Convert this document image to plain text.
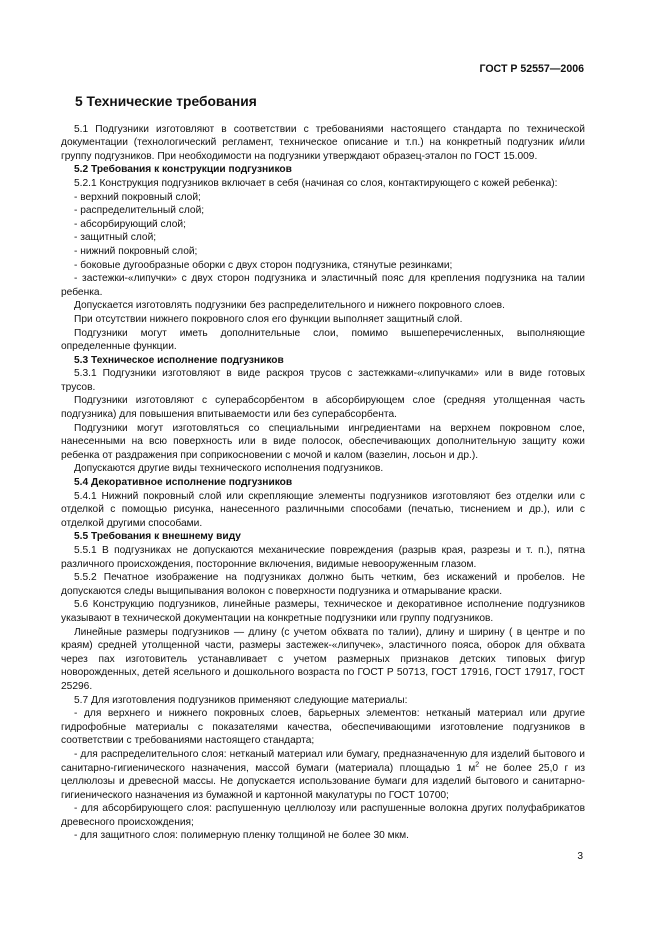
ГОСТ Р 52557—2006
5 Технические требования

5.1 Подгузники изготовляют в соответствии с требованиями настоящего стандарта по технической документации (технологический регламент, техническое описание и т.п.) на конкретный подгузник и/или группу подгузников. При необходимости на подгузники утверждают образец-эталон по ГОСТ 15.009.

5.2 Требования к конструкции подгузников

5.2.1 Конструкция подгузников включает в себя (начиная со слоя, контактирующего с кожей ребенка):

- верхний покровный слой;

- распределительный слой;

- абсорбирующий слой;

- защитный слой;

- нижний покровный слой;

- боковые дугообразные оборки с двух сторон подгузника, стянутые резинками;

- застежки-«липучки» с двух сторон подгузника и эластичный пояс для крепления подгузника на талии ребенка.

Допускается изготовлять подгузники без распределительного и нижнего покровного слоев.

При отсутствии нижнего покровного слоя его функции выполняет защитный слой.

Подгузники могут иметь дополнительные слои, помимо вышеперечисленных, выполняющие определенные функции.

5.3 Техническое исполнение подгузников

5.3.1 Подгузники изготовляют в виде раскроя трусов с застежками-«липучками» или в виде готовых трусов.

Подгузники изготовляют с суперабсорбентом в абсорбирующем слое (средняя утолщенная часть подгузника) для повышения впитываемости или без суперабсорбента.

Подгузники могут изготовляться со специальными ингредиентами на верхнем покровном слое, нанесенными на всю поверхность или в виде полосок, обеспечивающих дополнительную защиту кожи ребенка от раздражения при соприкосновении с мочой и калом (вазелин, лосьон и др.).

Допускаются другие виды технического исполнения подгузников.

5.4 Декоративное исполнение подгузников

5.4.1 Нижний покровный слой или скрепляющие элементы подгузников изготовляют без отделки или с отделкой с помощью рисунка, нанесенного различными способами (печатью, тиснением и др.), или с отделкой другими способами.

5.5 Требования к внешнему виду

5.5.1 В подгузниках не допускаются механические повреждения (разрыв края, разрезы и т. п.), пятна различного происхождения, посторонние включения, видимые невооруженным глазом.

5.5.2 Печатное изображение на подгузниках должно быть четким, без искажений и пробелов. Не допускаются следы выщипывания волокон с поверхности подгузника и отмарывание краски.

5.6 Конструкцию подгузников, линейные размеры, техническое и декоративное исполнение подгузников указывают в технической документации на конкретные подгузники или группу подгузников.

Линейные размеры подгузников — длину (с учетом обхвата по талии), длину и ширину ( в центре и по краям) средней утолщенной части, размеры застежек-«липучек», эластичного пояса, оборок для обхвата через пах изготовитель устанавливает с учетом размерных признаков детских типовых фигур новорожденных, детей ясельного и дошкольного возраста по ГОСТ Р 50713, ГОСТ 17916, ГОСТ 17917, ГОСТ 25296.

5.7 Для изготовления подгузников применяют следующие материалы:

- для верхнего и нижнего покровных слоев, барьерных элементов: нетканый материал или другие гидрофобные материалы с показателями качества, обеспечивающими изготовление подгузников в соответствии с требованиями настоящего стандарта;

- для распределительного слоя: нетканый материал или бумагу, предназначенную для изделий бытового и санитарно-гигиенического назначения, массой бумаги (материала) площадью 1 $м^2$ не более 25,0 г из целлюлозы и древесной массы. Не допускается использование бумаги для изделий бытового и санитарно-гигиенического назначения из бумажной и картонной макулатуры по ГОСТ 10700;

- для абсорбирующего слоя: распушенную целлюлозу или распушенные волокна других полуфабрикатов древесного происхождения;

- для защитного слоя: полимерную пленку толщиной не более 30 мкм.

3
